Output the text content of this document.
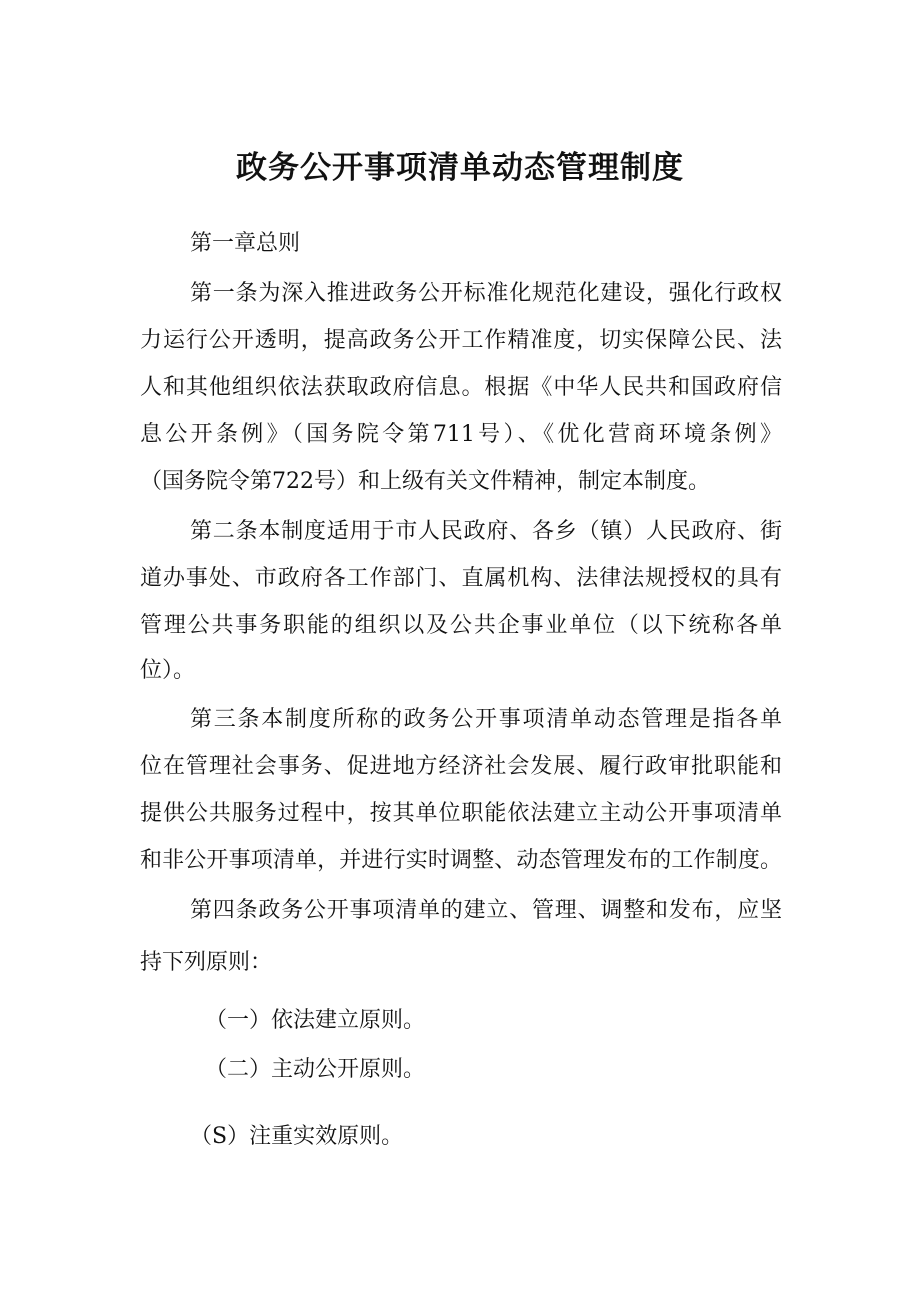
政务公开事项清单动态管理制度

第一章总则

第一条为深入推进政务公开标准化规范化建设，强化行政权

力运行公开透明，提高政务公开工作精准度，切实保障公民、法

人和其他组织依法获取政府信息。根据《中华人民共和国政府信

息公开条例》（国务院令第711号）、《优化营商环境条例》

（国务院令第722号）和上级有关文件精神，制定本制度。

第二条本制度适用于市人民政府、各乡（镇）人民政府、街

道办事处、市政府各工作部门、直属机构、法律法规授权的具有

管理公共事务职能的组织以及公共企事业单位（以下统称各单

位）。

第三条本制度所称的政务公开事项清单动态管理是指各单

位在管理社会事务、促进地方经济社会发展、履行政审批职能和

提供公共服务过程中，按其单位职能依法建立主动公开事项清单

和非公开事项清单，并进行实时调整、动态管理发布的工作制度。

第四条政务公开事项清单的建立、管理、调整和发布，应坚

持下列原则：

（一）依法建立原则。

（二）主动公开原则。

（S）注重实效原则。
